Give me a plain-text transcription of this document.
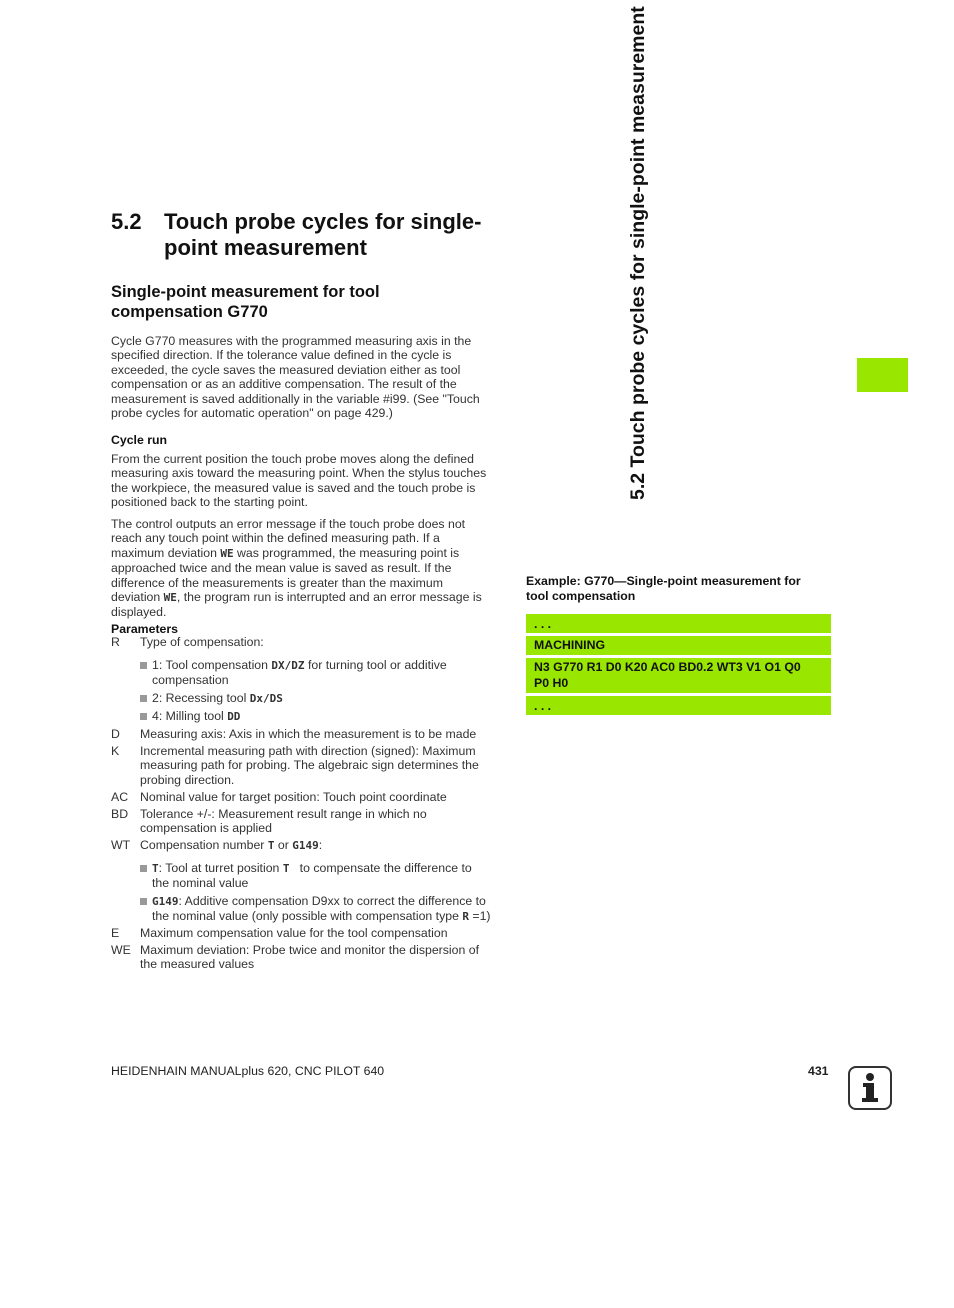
5.2 Touch probe cycles for single-
point measurement
Single-point measurement for tool
compensation G770
Cycle G770 measures with the programmed measuring axis in the
specified direction. If the tolerance value defined in the cycle is
exceeded, the cycle saves the measured deviation either as tool
compensation or as an additive compensation. The result of the
measurement is saved additionally in the variable #i99. (See "Touch
probe cycles for automatic operation" on page 429.)
Cycle run
From the current position the touch probe moves along the defined
measuring axis toward the measuring point. When the stylus touches
the workpiece, the measured value is saved and the touch probe is
positioned back to the starting point.
The control outputs an error message if the touch probe does not
reach any touch point within the defined measuring path. If a
maximum deviation WE was programmed, the measuring point is
approached twice and the mean value is saved as result. If the
difference of the measurements is greater than the maximum
deviation WE, the program run is interrupted and an error message is
displayed.
Parameters
R	Type of compensation:
1: Tool compensation DX/DZ for turning tool or additive
compensation
2: Recessing tool Dx/DS
4: Milling tool DD
D	Measuring axis: Axis in which the measurement is to be made
K	Incremental measuring path with direction (signed): Maximum
measuring path for probing. The algebraic sign determines the
probing direction.
AC Nominal value for target position: Touch point coordinate
BD Tolerance +/-: Measurement result range in which no
compensation is applied
WT Compensation number T or G149:
T: Tool at turret position T   to compensate the difference to
the nominal value
G149: Additive compensation D9xx to correct the difference to
the nominal value (only possible with compensation type R =1)
E	Maximum compensation value for the tool compensation
WE Maximum deviation: Probe twice and monitor the dispersion of
the measured values
Example: G770—Single-point measurement for
tool compensation
. . .
MACHINING
N3 G770 R1 D0 K20 AC0 BD0.2 WT3 V1 O1 Q0
P0 H0
. . .
5.2 Touch probe cycles for single-point measurement
HEIDENHAIN MANUALplus 620, CNC PILOT 640	431
